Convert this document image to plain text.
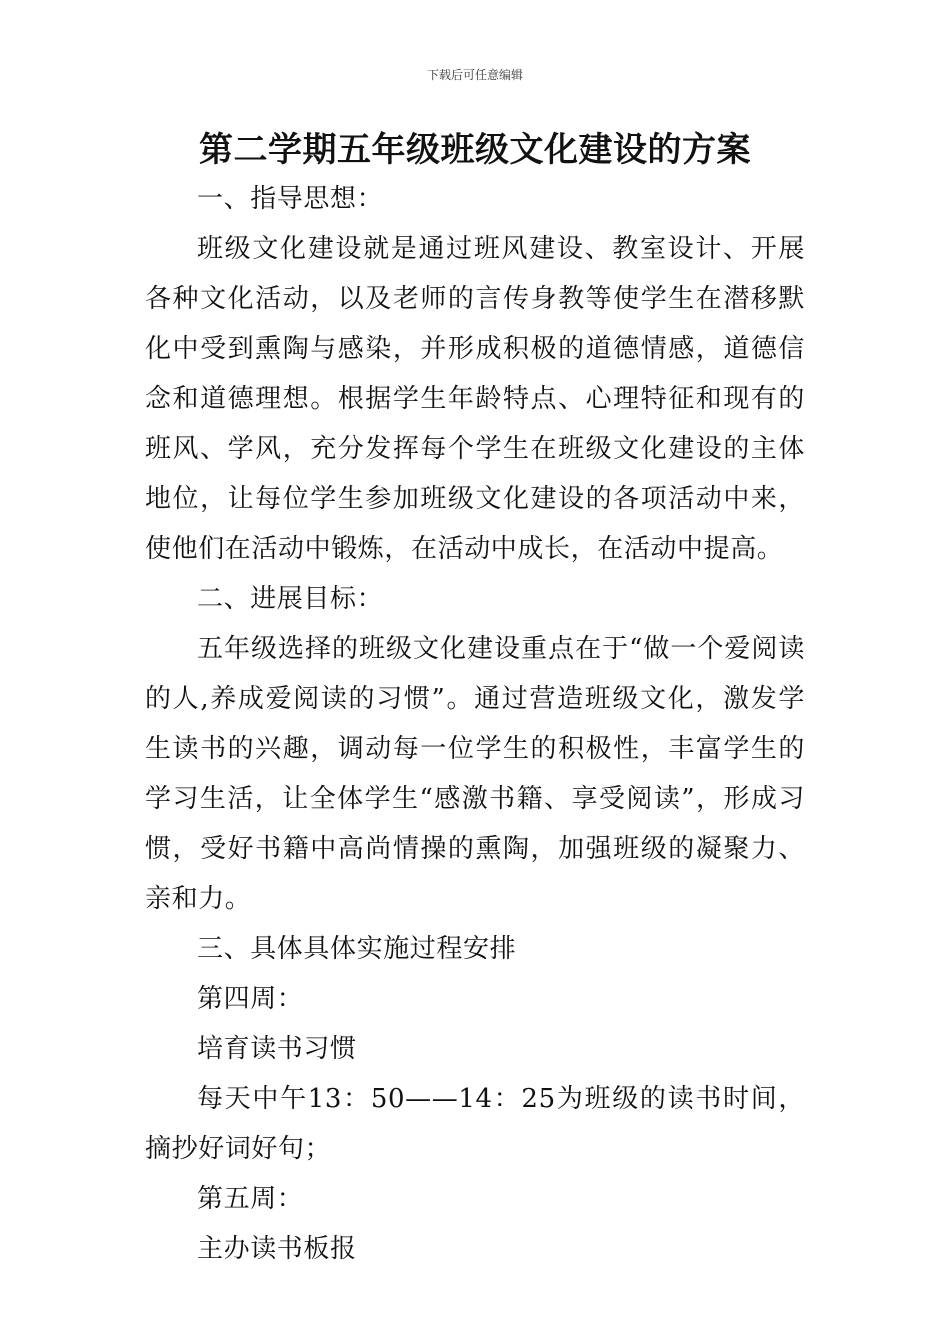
下载后可任意编辑
第二学期五年级班级文化建设的方案

一、指导思想：

班级文化建设就是通过班风建设、教室设计、开展各种文化活动，以及老师的言传身教等使学生在潜移默化中受到熏陶与感染，并形成积极的道德情感，道德信念和道德理想。根据学生年龄特点、心理特征和现有的班风、学风，充分发挥每个学生在班级文化建设的主体地位，让每位学生参加班级文化建设的各项活动中来，使他们在活动中锻炼，在活动中成长，在活动中提高。

二、进展目标：

五年级选择的班级文化建设重点在于“做一个爱阅读的人,养成爱阅读的习惯”。通过营造班级文化，激发学生读书的兴趣，调动每一位学生的积极性，丰富学生的学习生活，让全体学生“感激书籍、享受阅读”，形成习惯，受好书籍中高尚情操的熏陶，加强班级的凝聚力、亲和力。

三、具体具体实施过程安排

第四周：

培育读书习惯

每天中午13：50——14：25为班级的读书时间，摘抄好词好句；

第五周：

主办读书板报
